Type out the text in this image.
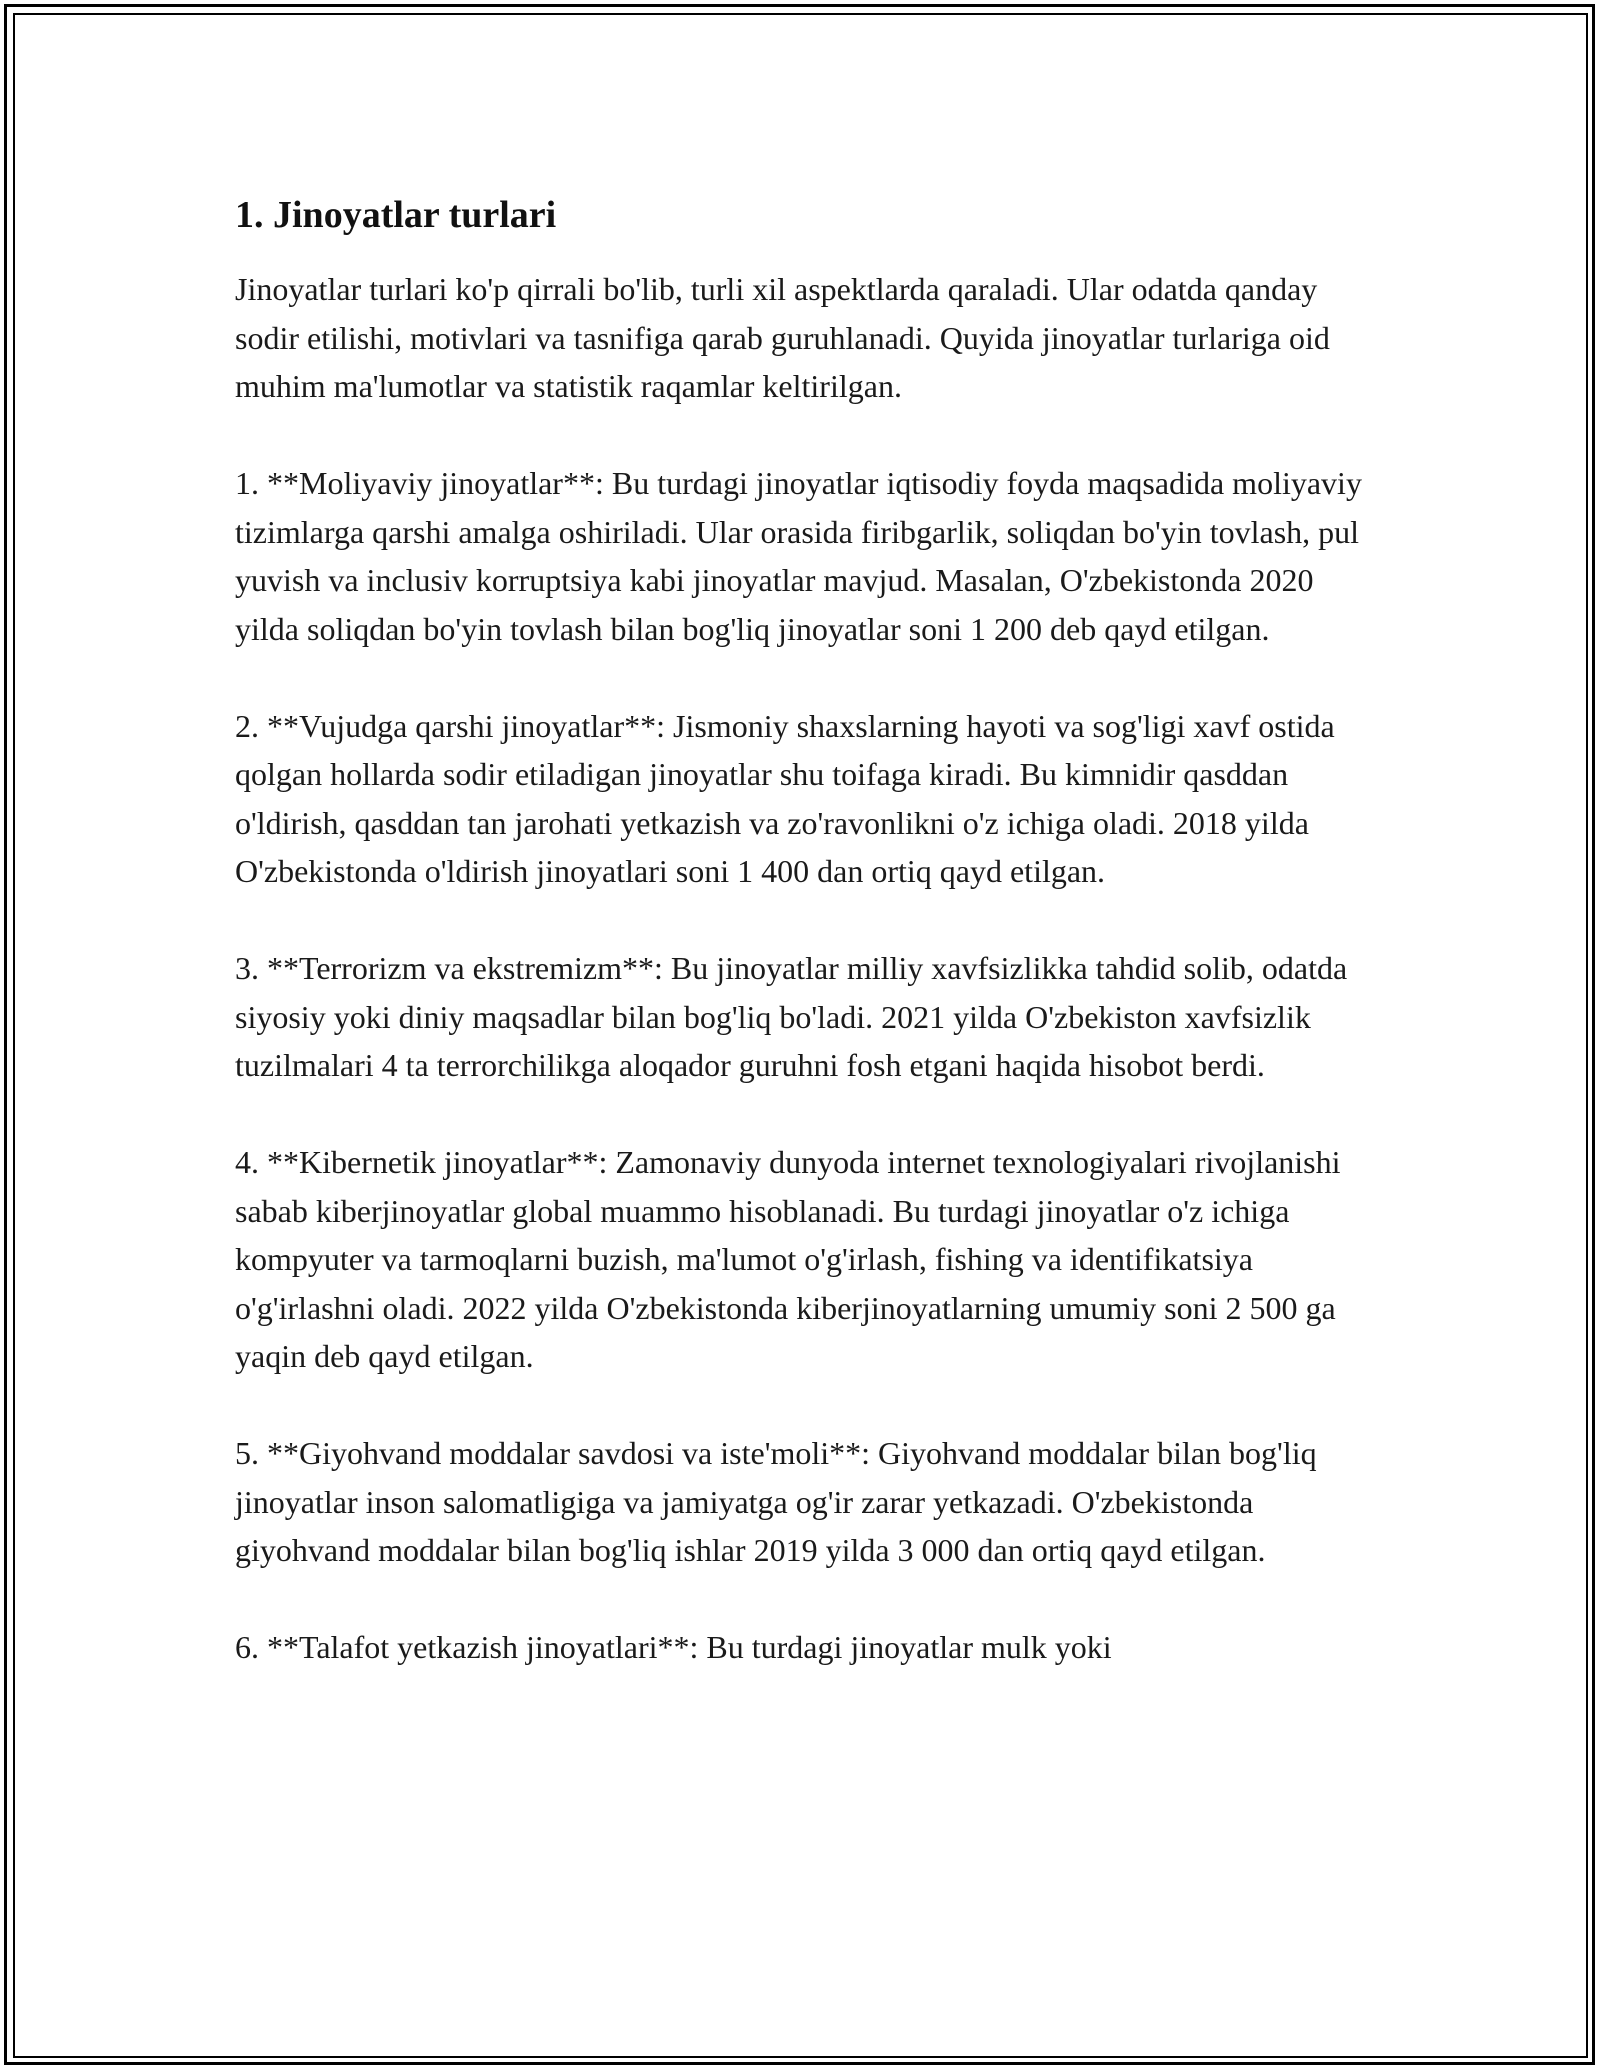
1. Jinoyatlar turlari

Jinoyatlar turlari ko'p qirrali bo'lib, turli xil aspektlarda qaraladi. Ular odatda qanday sodir etilishi, motivlari va tasnifiga qarab guruhlanadi. Quyida jinoyatlar turlariga oid muhim ma'lumotlar va statistik raqamlar keltirilgan.

1. **Moliyaviy jinoyatlar**: Bu turdagi jinoyatlar iqtisodiy foyda maqsadida moliyaviy tizimlarga qarshi amalga oshiriladi. Ular orasida firibgarlik, soliqdan bo'yin tovlash, pul yuvish va inclusiv korruptsiya kabi jinoyatlar mavjud. Masalan, O'zbekistonda 2020 yilda soliqdan bo'yin tovlash bilan bog'liq jinoyatlar soni 1 200 deb qayd etilgan.

2. **Vujudga qarshi jinoyatlar**: Jismoniy shaxslarning hayoti va sog'ligi xavf ostida qolgan hollarda sodir etiladigan jinoyatlar shu toifaga kiradi. Bu kimnidir qasddan o'ldirish, qasddan tan jarohati yetkazish va zo'ravonlikni o'z ichiga oladi. 2018 yilda O'zbekistonda o'ldirish jinoyatlari soni 1 400 dan ortiq qayd etilgan.

3. **Terrorizm va ekstremizm**: Bu jinoyatlar milliy xavfsizlikka tahdid solib, odatda siyosiy yoki diniy maqsadlar bilan bog'liq bo'ladi. 2021 yilda O'zbekiston xavfsizlik tuzilmalari 4 ta terrorchilikga aloqador guruhni fosh etgani haqida hisobot berdi.

4. **Kibernetik jinoyatlar**: Zamonaviy dunyoda internet texnologiyalari rivojlanishi sabab kiberjinoyatlar global muammo hisoblanadi. Bu turdagi jinoyatlar o'z ichiga kompyuter va tarmoqlarni buzish, ma'lumot o'g'irlash, fishing va identifikatsiya o'g'irlashni oladi. 2022 yilda O'zbekistonda kiberjinoyatlarning umumiy soni 2 500 ga yaqin deb qayd etilgan.

5. **Giyohvand moddalar savdosi va iste'moli**: Giyohvand moddalar bilan bog'liq jinoyatlar inson salomatligiga va jamiyatga og'ir zarar yetkazadi. O'zbekistonda giyohvand moddalar bilan bog'liq ishlar 2019 yilda 3 000 dan ortiq qayd etilgan.

6. **Talafot yetkazish jinoyatlari**: Bu turdagi jinoyatlar mulk yoki
